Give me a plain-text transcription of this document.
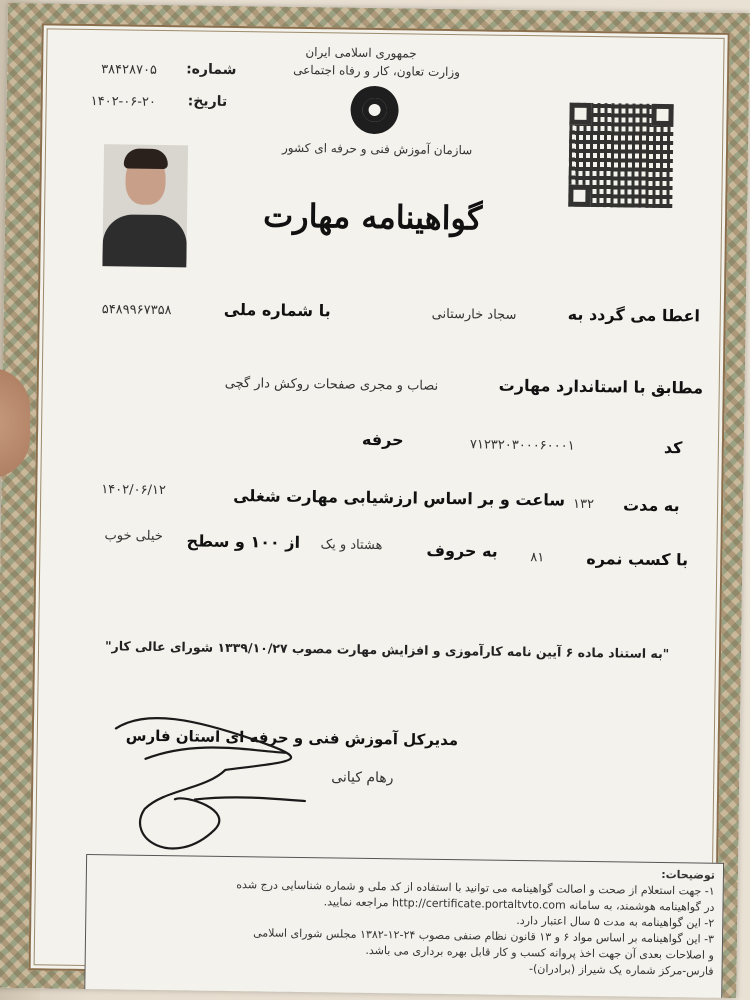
جمهوری اسلامی ایران
وزارت تعاون، کار و رفاه اجتماعی
سازمان آموزش فنی و حرفه ای کشور
شماره:
۳۸۴۲۸۷۰۵
تاریخ:
۱۴۰۲-۰۶-۲۰
گواهینامه مهارت
اعطا می گردد به
سجاد خارستانی
با شماره ملی
۵۴۸۹۹۶۷۳۵۸
مطابق با استاندارد مهارت
نصاب و مجری صفحات روکش دار گچی
کد
۷۱۲۳۲۰۳۰۰۰۶۰۰۰۱
حرفه
به مدت
۱۳۲
ساعت و بر اساس ارزشیابی مهارت شغلی
۱۴۰۲/۰۶/۱۲
با کسب نمره
۸۱
به حروف
هشتاد و یک
از ۱۰۰ و سطح
خیلی خوب
"به استناد ماده ۶ آیین نامه کارآموزی و افزایش مهارت مصوب ۱۳۳۹/۱۰/۲۷ شورای عالی کار"
مدیرکل آموزش فنی و حرفه ای استان فارس
رهام کیانی
توضیحات:
۱- جهت استعلام از صحت و اصالت گواهینامه می توانید با استفاده از کد ملی و شماره شناسایی درج شده
در گواهینامه هوشمند، به سامانه http://certificate.portaltvto.com مراجعه نمایید.
۲- این گواهینامه به مدت ۵ سال اعتبار دارد.
۳- این گواهینامه بر اساس مواد ۶ و ۱۳ قانون نظام صنفی مصوب ۲۴-۱۲-۱۳۸۲ مجلس شورای اسلامی
و اصلاحات بعدی آن جهت اخذ پروانه کسب و کار قابل بهره برداری می باشد.
فارس-مرکز شماره یک شیراز (برادران)-
